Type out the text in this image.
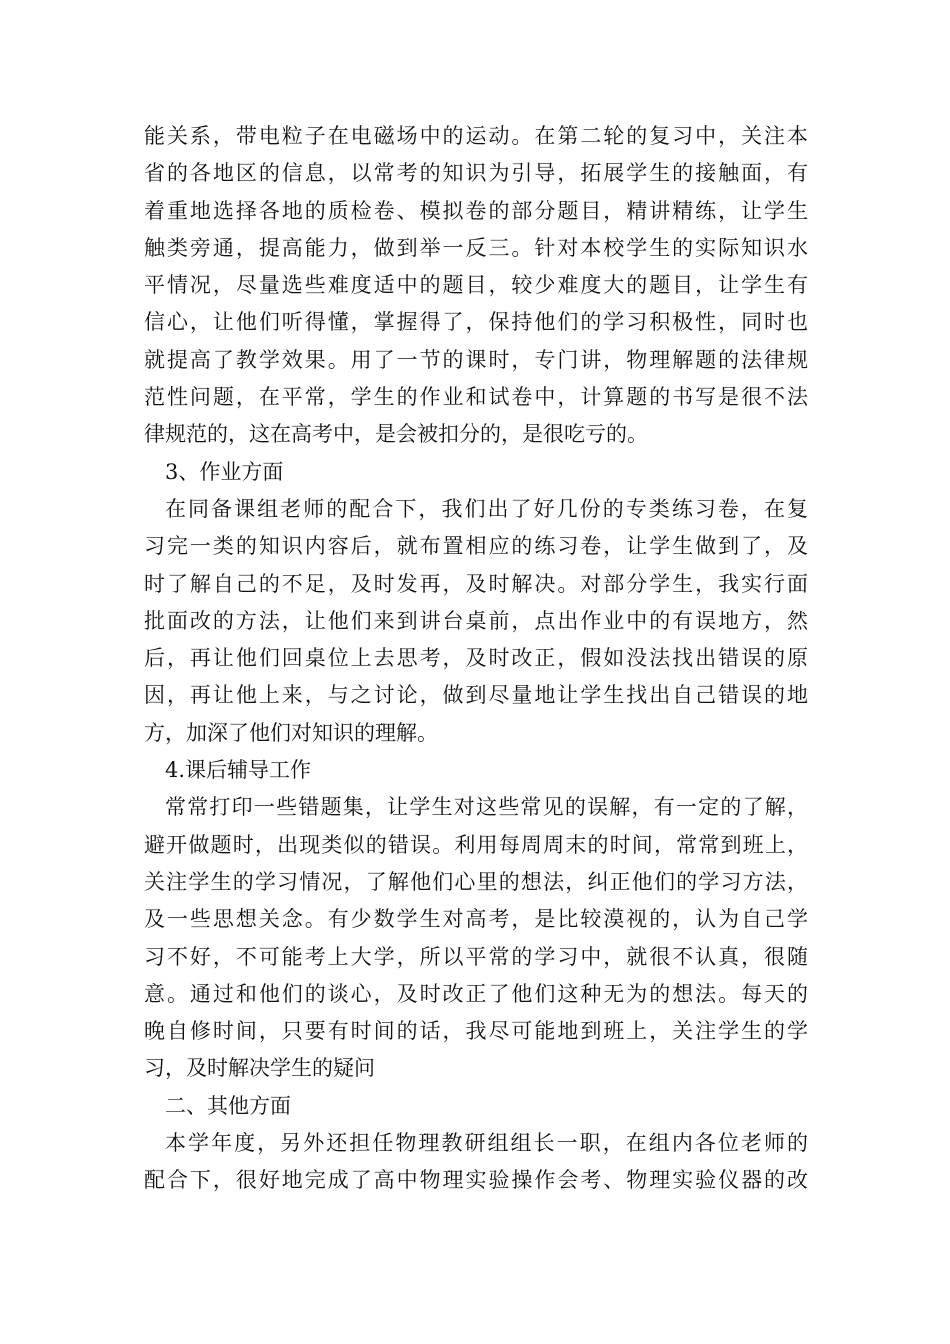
能关系，带电粒子在电磁场中的运动。在第二轮的复习中，关注本
省的各地区的信息，以常考的知识为引导，拓展学生的接触面，有
着重地选择各地的质检卷、模拟卷的部分题目，精讲精练，让学生
触类旁通，提高能力，做到举一反三。针对本校学生的实际知识水
平情况，尽量选些难度适中的题目，较少难度大的题目，让学生有
信心，让他们听得懂，掌握得了，保持他们的学习积极性，同时也
就提高了教学效果。用了一节的课时，专门讲，物理解题的法律规
范性问题，在平常，学生的作业和试卷中，计算题的书写是很不法
律规范的，这在高考中，是会被扣分的，是很吃亏的。
3、作业方面
在同备课组老师的配合下，我们出了好几份的专类练习卷，在复
习完一类的知识内容后，就布置相应的练习卷，让学生做到了，及
时了解自己的不足，及时发再，及时解决。对部分学生，我实行面
批面改的方法，让他们来到讲台桌前，点出作业中的有误地方，然
后，再让他们回桌位上去思考，及时改正，假如没法找出错误的原
因，再让他上来，与之讨论，做到尽量地让学生找出自己错误的地
方，加深了他们对知识的理解。
4.课后辅导工作
常常打印一些错题集，让学生对这些常见的误解，有一定的了解，
避开做题时，出现类似的错误。利用每周周末的时间，常常到班上，
关注学生的学习情况，了解他们心里的想法，纠正他们的学习方法，
及一些思想关念。有少数学生对高考，是比较漠视的，认为自己学
习不好，不可能考上大学，所以平常的学习中，就很不认真，很随
意。通过和他们的谈心，及时改正了他们这种无为的想法。每天的
晚自修时间，只要有时间的话，我尽可能地到班上，关注学生的学
习，及时解决学生的疑问
二、其他方面
本学年度，另外还担任物理教研组组长一职，在组内各位老师的
配合下，很好地完成了高中物理实验操作会考、物理实验仪器的改
